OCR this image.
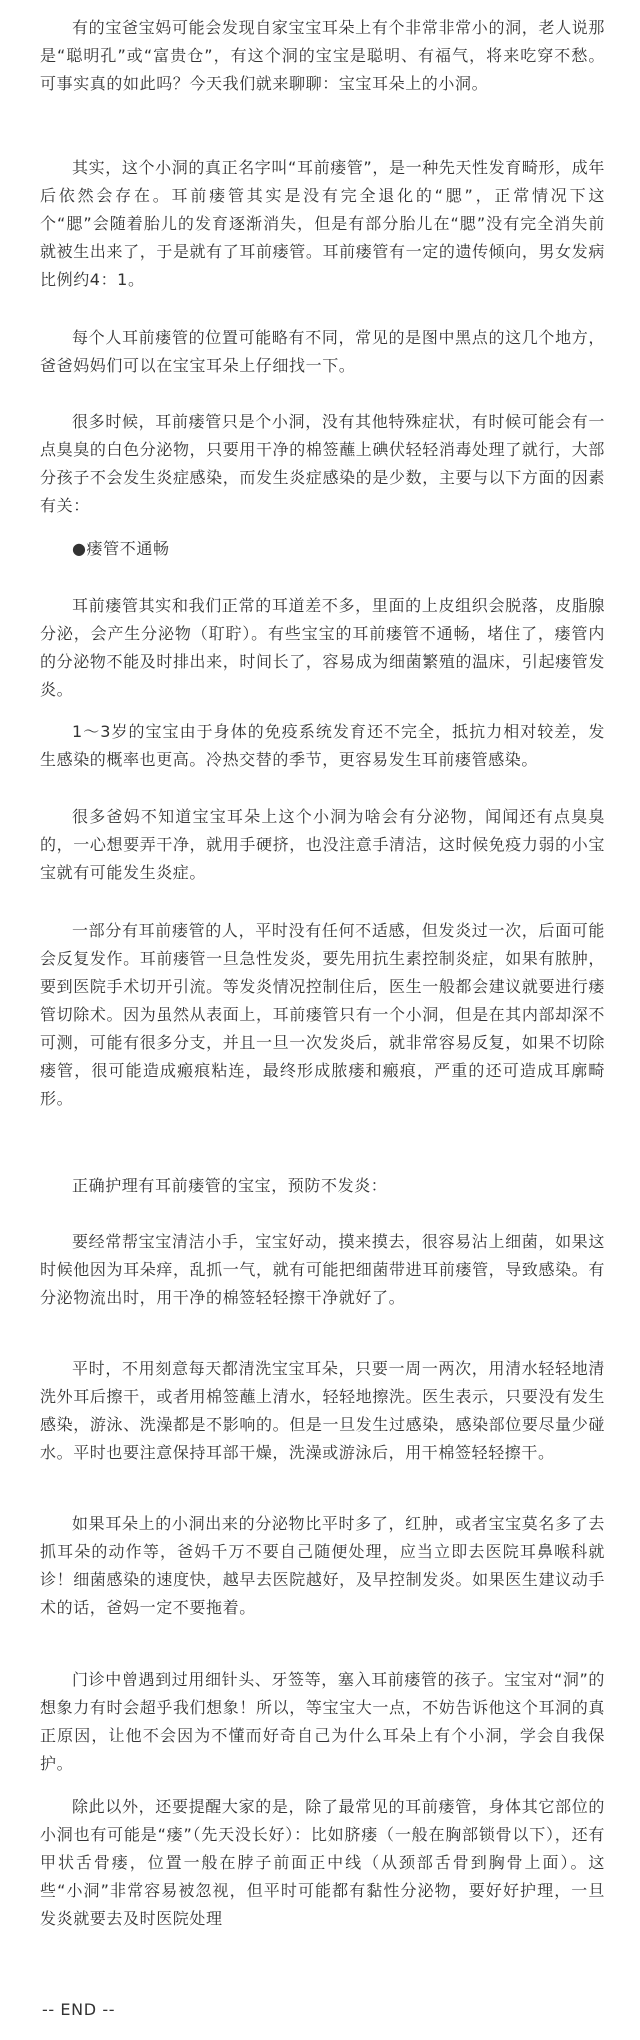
有的宝爸宝妈可能会发现自家宝宝耳朵上有个非常非常小的洞，老人说那是“聪明孔”或“富贵仓”，有这个洞的宝宝是聪明、有福气，将来吃穿不愁。可事实真的如此吗？今天我们就来聊聊：宝宝耳朵上的小洞。

其实，这个小洞的真正名字叫“耳前瘘管”，是一种先天性发育畸形，成年后依然会存在。耳前瘘管其实是没有完全退化的“腮”，正常情况下这个“腮”会随着胎儿的发育逐渐消失，但是有部分胎儿在“腮”没有完全消失前就被生出来了，于是就有了耳前瘘管。耳前瘘管有一定的遗传倾向，男女发病比例约4：1。

每个人耳前瘘管的位置可能略有不同，常见的是图中黑点的这几个地方，爸爸妈妈们可以在宝宝耳朵上仔细找一下。

很多时候，耳前瘘管只是个小洞，没有其他特殊症状，有时候可能会有一点臭臭的白色分泌物，只要用干净的棉签蘸上碘伏轻轻消毒处理了就行，大部分孩子不会发生炎症感染，而发生炎症感染的是少数，主要与以下方面的因素有关：

●瘘管不通畅

耳前瘘管其实和我们正常的耳道差不多，里面的上皮组织会脱落，皮脂腺分泌，会产生分泌物（耵聍）。有些宝宝的耳前瘘管不通畅，堵住了，瘘管内的分泌物不能及时排出来，时间长了，容易成为细菌繁殖的温床，引起瘘管发炎。

1～3岁的宝宝由于身体的免疫系统发育还不完全，抵抗力相对较差，发生感染的概率也更高。冷热交替的季节，更容易发生耳前瘘管感染。

很多爸妈不知道宝宝耳朵上这个小洞为啥会有分泌物，闻闻还有点臭臭的，一心想要弄干净，就用手硬挤，也没注意手清洁，这时候免疫力弱的小宝宝就有可能发生炎症。

一部分有耳前瘘管的人，平时没有任何不适感，但发炎过一次，后面可能会反复发作。耳前瘘管一旦急性发炎，要先用抗生素控制炎症，如果有脓肿，要到医院手术切开引流。等发炎情况控制住后，医生一般都会建议就要进行瘘管切除术。因为虽然从表面上，耳前瘘管只有一个小洞，但是在其内部却深不可测，可能有很多分支，并且一旦一次发炎后，就非常容易反复，如果不切除瘘管，很可能造成瘢痕粘连，最终形成脓瘘和瘢痕，严重的还可造成耳廓畸形。

正确护理有耳前瘘管的宝宝，预防不发炎：

要经常帮宝宝清洁小手，宝宝好动，摸来摸去，很容易沾上细菌，如果这时候他因为耳朵痒，乱抓一气，就有可能把细菌带进耳前瘘管，导致感染。有分泌物流出时，用干净的棉签轻轻擦干净就好了。

平时，不用刻意每天都清洗宝宝耳朵，只要一周一两次，用清水轻轻地清洗外耳后擦干，或者用棉签蘸上清水，轻轻地擦洗。医生表示，只要没有发生感染，游泳、洗澡都是不影响的。但是一旦发生过感染，感染部位要尽量少碰水。平时也要注意保持耳部干燥，洗澡或游泳后，用干棉签轻轻擦干。

如果耳朵上的小洞出来的分泌物比平时多了，红肿，或者宝宝莫名多了去抓耳朵的动作等，爸妈千万不要自己随便处理，应当立即去医院耳鼻喉科就诊！细菌感染的速度快，越早去医院越好，及早控制发炎。如果医生建议动手术的话，爸妈一定不要拖着。

门诊中曾遇到过用细针头、牙签等，塞入耳前瘘管的孩子。宝宝对“洞”的想象力有时会超乎我们想象！所以，等宝宝大一点，不妨告诉他这个耳洞的真正原因，让他不会因为不懂而好奇自己为什么耳朵上有个小洞，学会自我保护。

除此以外，还要提醒大家的是，除了最常见的耳前瘘管，身体其它部位的小洞也有可能是“瘘”（先天没长好）：比如脐瘘（一般在胸部锁骨以下），还有甲状舌骨瘘，位置一般在脖子前面正中线（从颈部舌骨到胸骨上面）。这些“小洞”非常容易被忽视，但平时可能都有黏性分泌物，要好好护理，一旦发炎就要去及时医院处理

-- END --
